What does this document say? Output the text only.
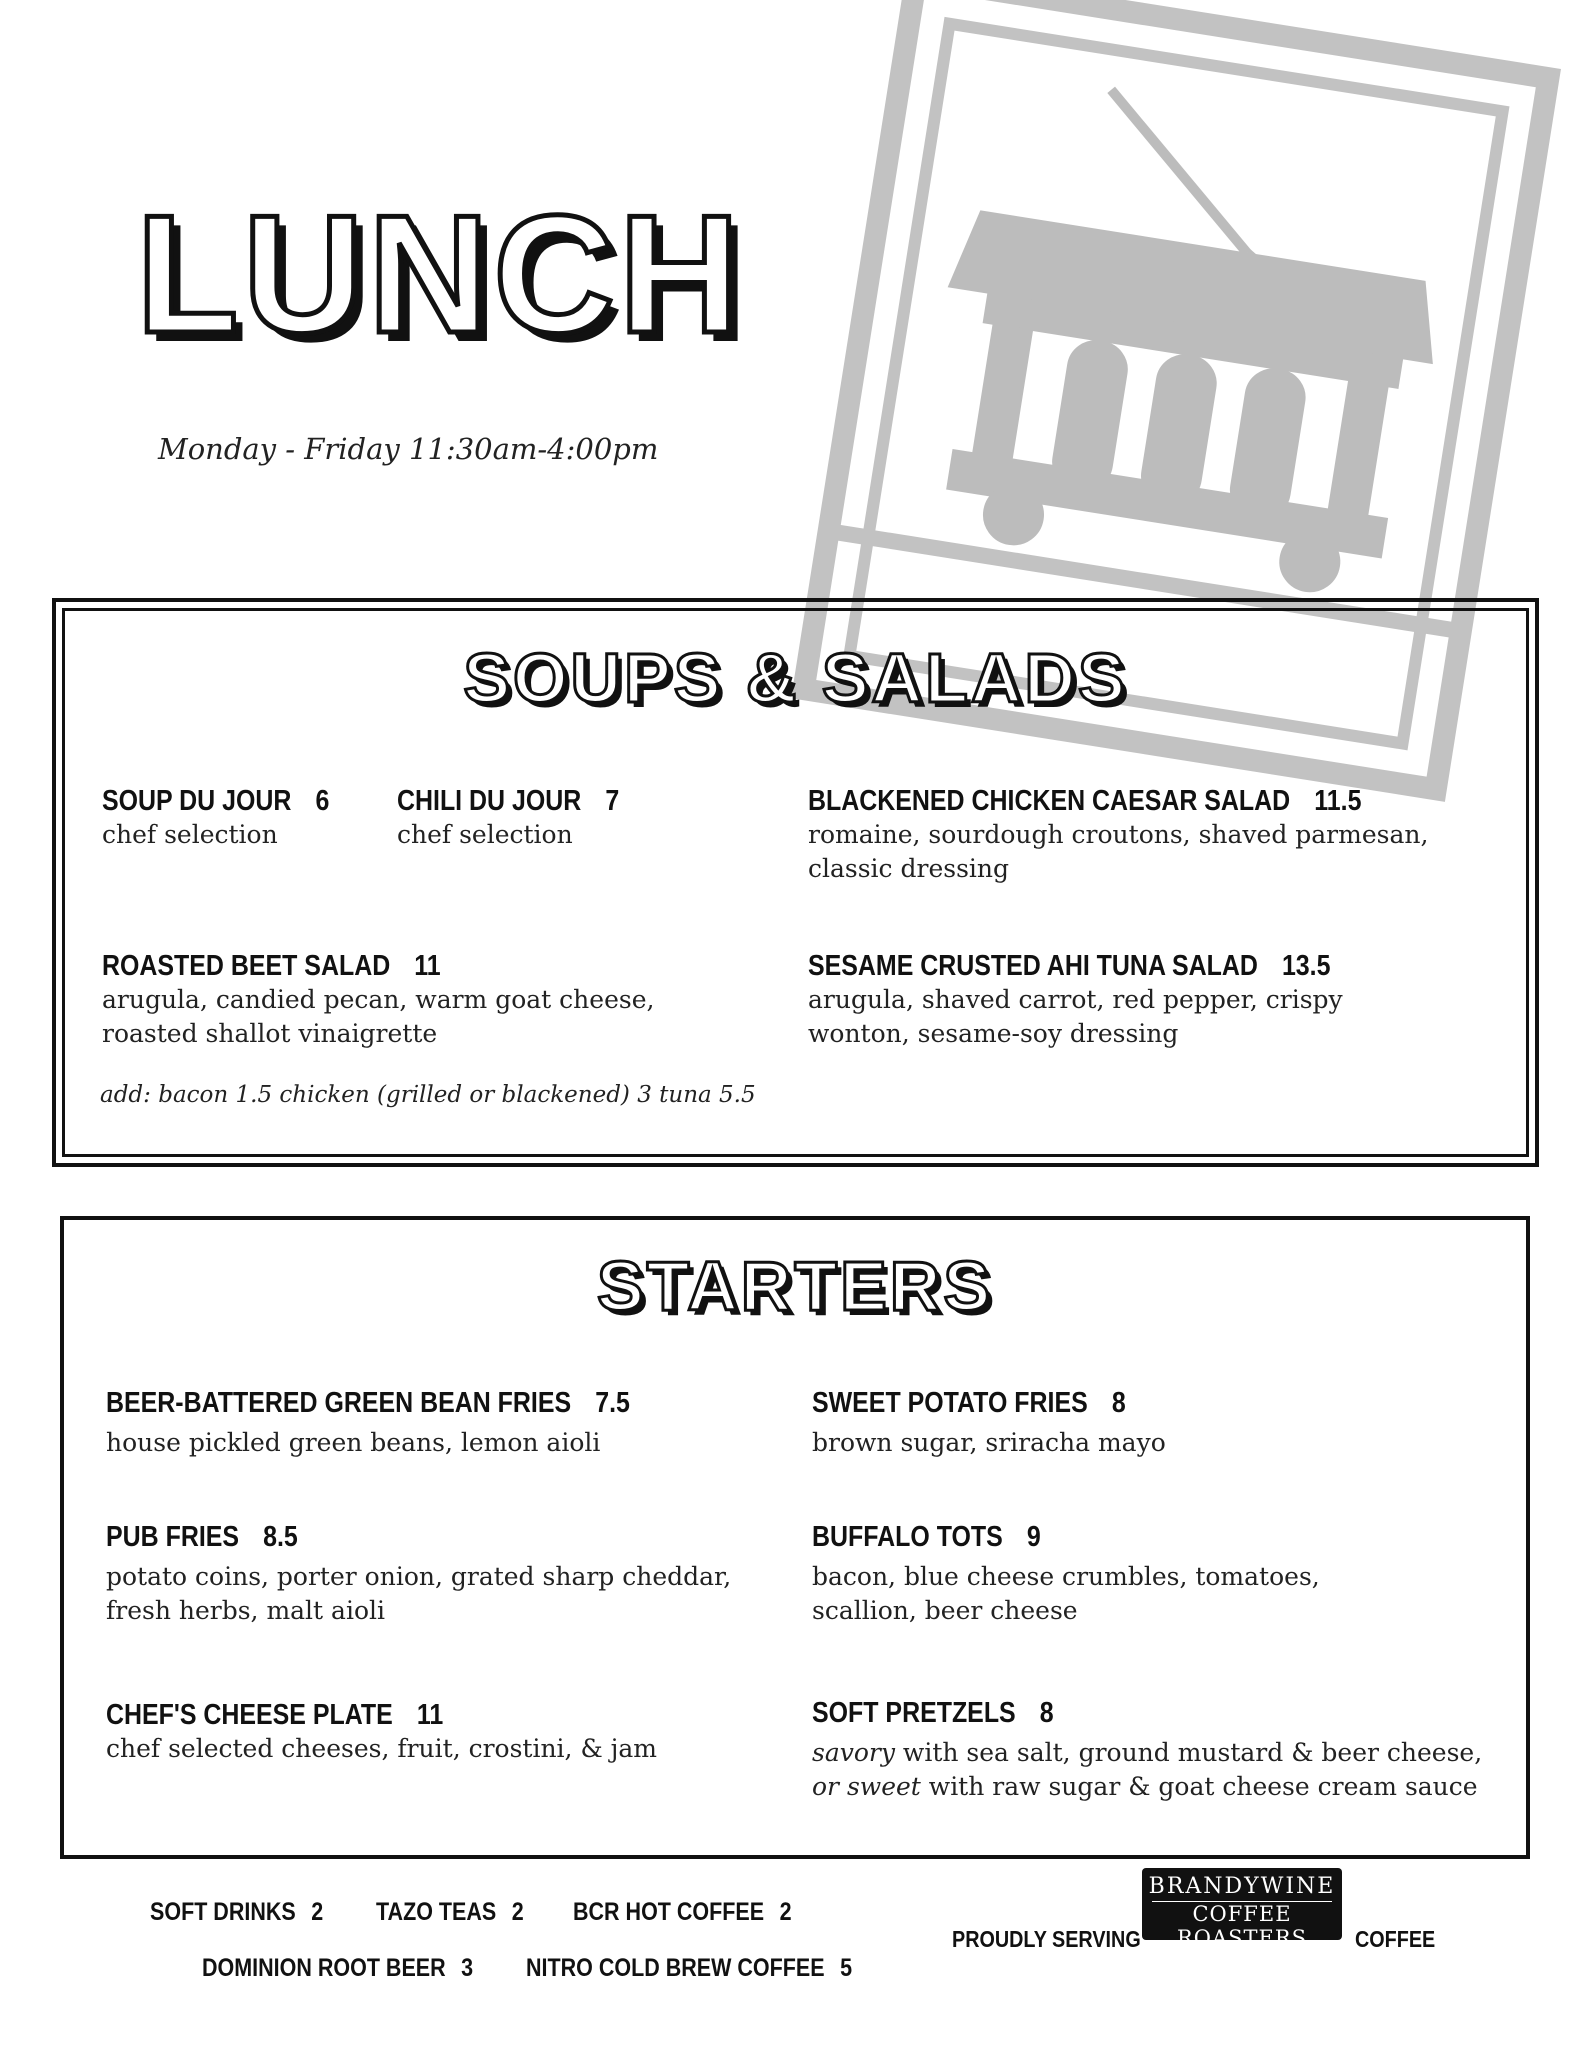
LUNCH
Monday - Friday 11:30am-4:00pm
SOUPS & SALADS
SOUP DU JOUR 6
chef selection
CHILI DU JOUR 7
chef selection
BLACKENED CHICKEN CAESAR SALAD 11.5
romaine, sourdough croutons, shaved parmesan, classic dressing
ROASTED BEET SALAD 11
arugula, candied pecan, warm goat cheese, roasted shallot vinaigrette
SESAME CRUSTED AHI TUNA SALAD 13.5
arugula, shaved carrot, red pepper, crispy wonton, sesame-soy dressing
add: bacon 1.5 chicken (grilled or blackened) 3 tuna 5.5
STARTERS
BEER-BATTERED GREEN BEAN FRIES 7.5
house pickled green beans, lemon aioli
SWEET POTATO FRIES 8
brown sugar, sriracha mayo
PUB FRIES 8.5
potato coins, porter onion, grated sharp cheddar, fresh herbs, malt aioli
BUFFALO TOTS 9
bacon, blue cheese crumbles, tomatoes, scallion, beer cheese
CHEF'S CHEESE PLATE 11
chef selected cheeses, fruit, crostini, & jam
SOFT PRETZELS 8
savory with sea salt, ground mustard & beer cheese, or sweet with raw sugar & goat cheese cream sauce
SOFT DRINKS 2 TAZO TEAS 2 BCR HOT COFFEE 2
DOMINION ROOT BEER 3 NITRO COLD BREW COFFEE 5
PROUDLY SERVING
BRANDYWINE
COFFEE ROASTERS	COFFEE
